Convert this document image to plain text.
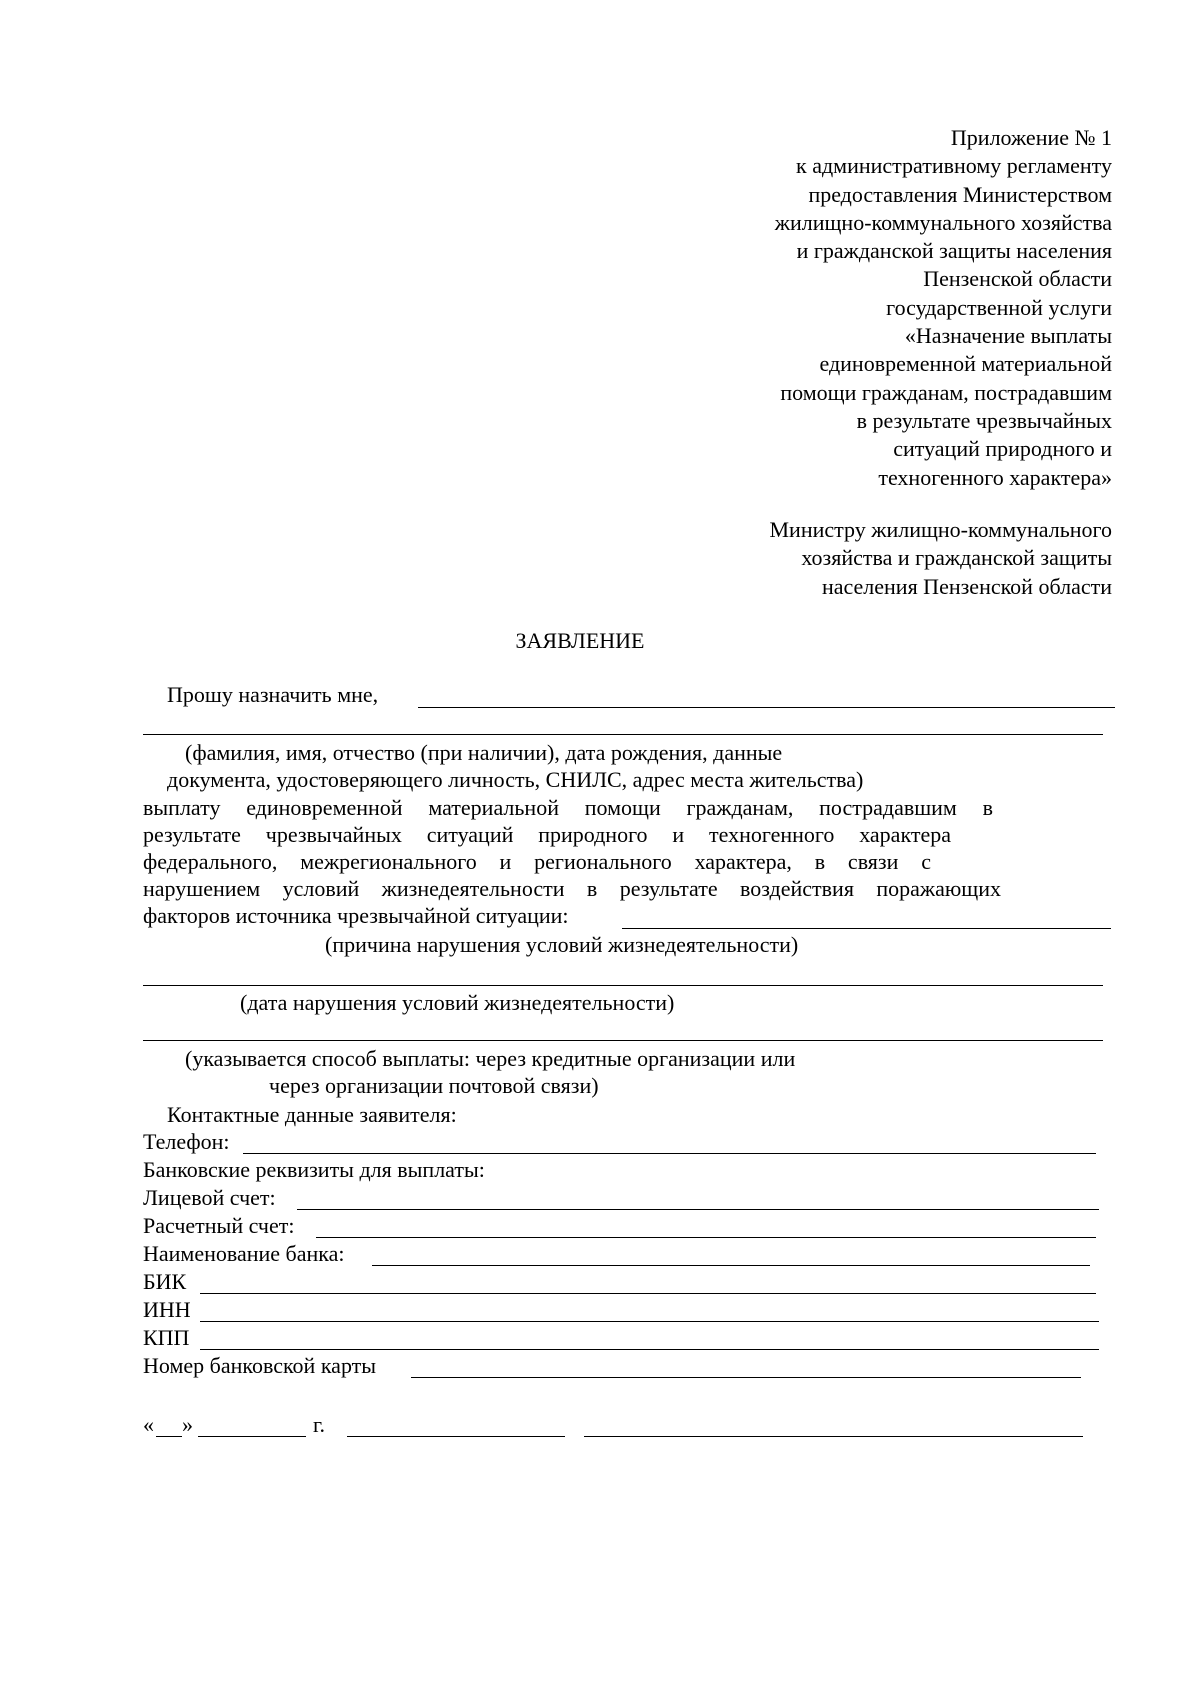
Приложение № 1
к административному регламенту
предоставления Министерством
жилищно-коммунального хозяйства
и гражданской защиты населения
Пензенской области
государственной услуги
«Назначение выплаты
единовременной материальной
помощи гражданам, пострадавшим
в результате чрезвычайных
ситуаций природного и
техногенного характера»
Министру жилищно-коммунального
хозяйства и гражданской защиты
населения Пензенской области
ЗАЯВЛЕНИЕ
Прошу назначить мне,
(фамилия, имя, отчество (при наличии), дата рождения, данные
документа, удостоверяющего личность, СНИЛС, адрес места жительства)
выплату единовременной материальной помощи гражданам, пострадавшим в
результате чрезвычайных ситуаций природного и техногенного характера
федерального, межрегионального и регионального характера, в связи с
нарушением условий жизнедеятельности в результате воздействия поражающих
факторов источника чрезвычайной ситуации:
(причина нарушения условий жизнедеятельности)
(дата нарушения условий жизнедеятельности)
(указывается способ выплаты: через кредитные организации или
через организации почтовой связи)
Контактные данные заявителя:
Телефон:
Банковские реквизиты для выплаты:
Лицевой счет:
Расчетный счет:
Наименование банка:
БИК
ИНН
КПП
Номер банковской карты
« »	г.
